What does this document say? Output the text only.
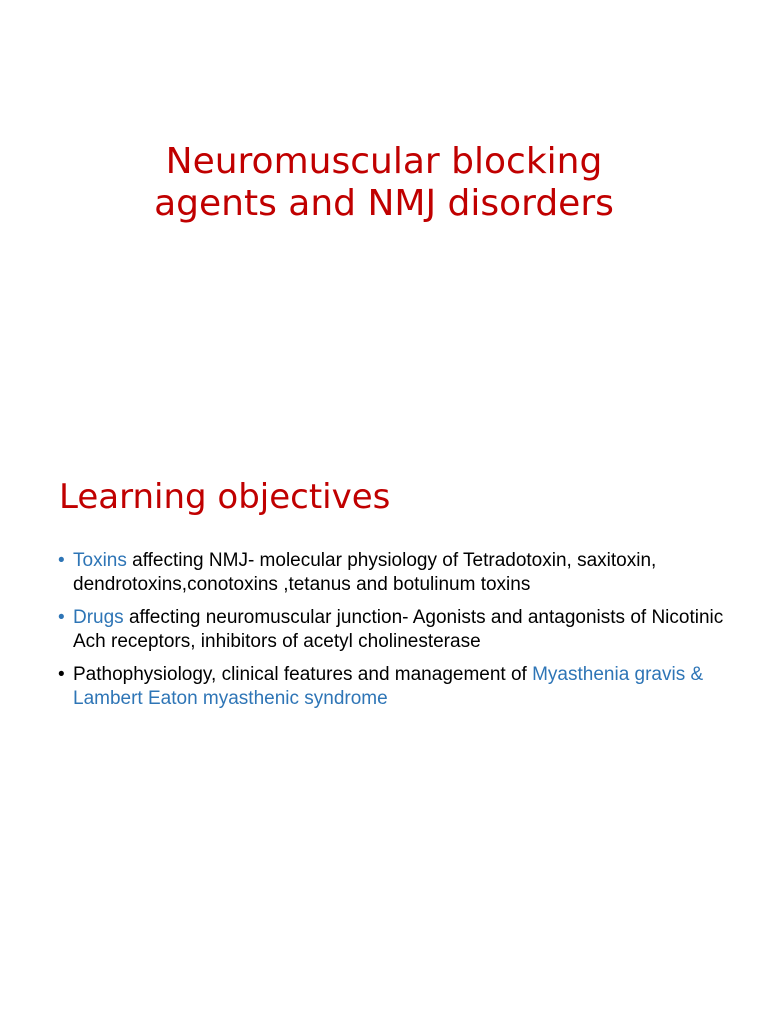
Neuromuscular blocking
agents and NMJ disorders
Learning objectives
• Toxins affecting NMJ- molecular physiology of Tetradotoxin, saxitoxin, dendrotoxins,conotoxins ,tetanus and botulinum toxins
• Drugs affecting neuromuscular junction- Agonists and antagonists of Nicotinic Ach receptors, inhibitors of acetyl cholinesterase
• Pathophysiology, clinical features and management of Myasthenia gravis & Lambert Eaton myasthenic syndrome
